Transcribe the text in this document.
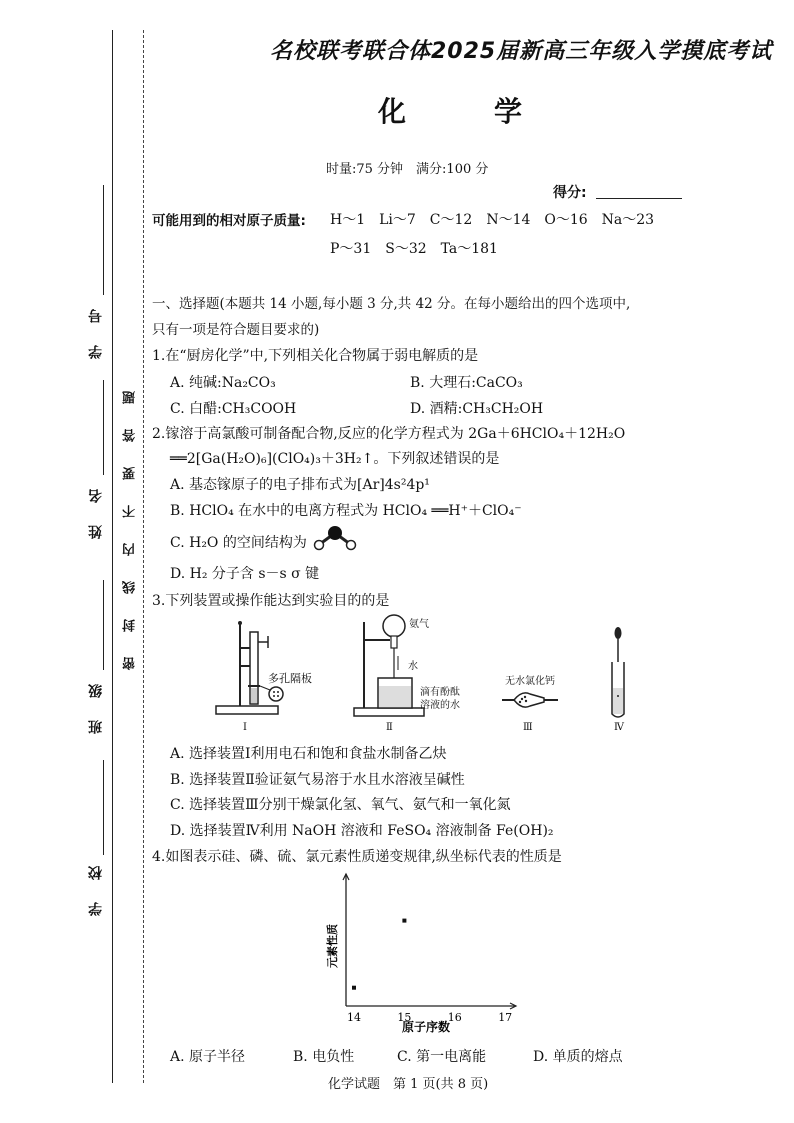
学　校
班　级
姓　名
学　号
密　封　线　内　不　要　答　题
名校联考联合体2025届新高三年级入学摸底考试
化　学
时量:75 分钟　满分:100 分
得分:
可能用到的相对原子质量: H～1　Li～7　C～12　N～14　O～16　Na～23
P～31　S～32　Ta～181
一、选择题(本题共 14 小题,每小题 3 分,共 42 分。在每小题给出的四个选项中,
只有一项是符合题目要求的)
1.在“厨房化学”中,下列相关化合物属于弱电解质的是
A. 纯碱:Na₂CO₃	B. 大理石:CaCO₃
C. 白醋:CH₃COOH	D. 酒精:CH₃CH₂OH
2.镓溶于高氯酸可制备配合物,反应的化学方程式为 2Ga＋6HClO₄＋12H₂O
══2[Ga(H₂O)₆](ClO₄)₃＋3H₂↑。下列叙述错误的是
A. 基态镓原子的电子排布式为[Ar]4s²4p¹
B. HClO₄ 在水中的电离方程式为 HClO₄ ══H⁺＋ClO₄⁻
C. H₂O 的空间结构为
D. H₂ 分子含 s－s σ 键
3.下列装置或操作能达到实验目的的是
多孔隔板
Ⅰ
氨气
水
滴有酚酞
溶液的水
Ⅱ
无水氯化钙
Ⅲ	Ⅳ
A. 选择装置Ⅰ利用电石和饱和食盐水制备乙炔
B. 选择装置Ⅱ验证氨气易溶于水且水溶液呈碱性
C. 选择装置Ⅲ分别干燥氯化氢、氧气、氨气和一氧化氮
D. 选择装置Ⅳ利用 NaOH 溶液和 FeSO₄ 溶液制备 Fe(OH)₂
4.如图表示硅、磷、硫、氯元素性质递变规律,纵坐标代表的性质是
14	15	16	17
原子序数
元素性质
A. 原子半径	B. 电负性	C. 第一电离能	D. 单质的熔点
化学试题　第 1 页(共 8 页)
